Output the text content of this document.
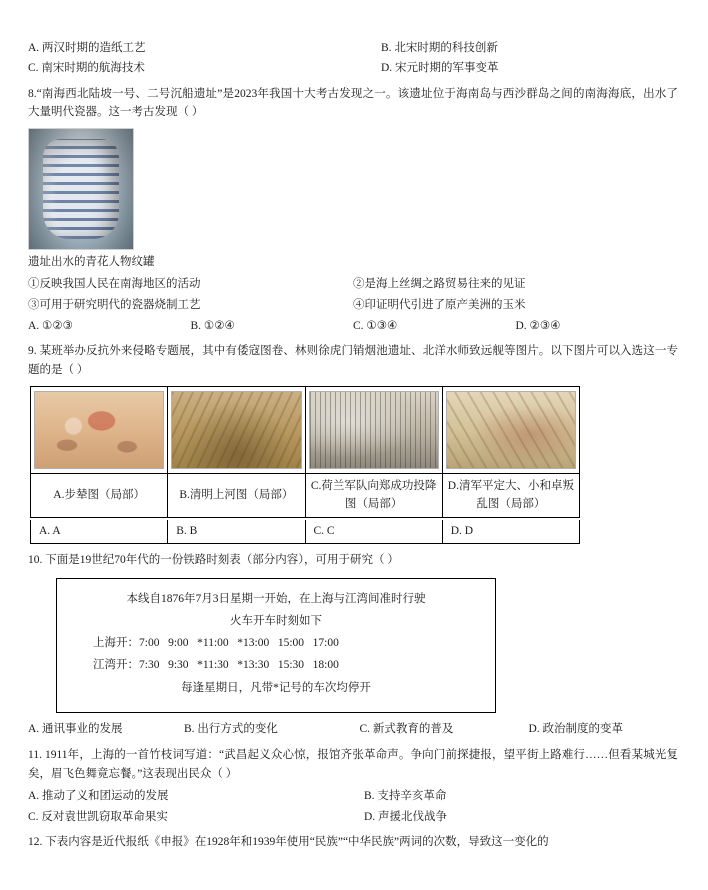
A. 两汉时期的造纸工艺	B. 北宋时期的科技创新
C. 南宋时期的航海技术	D. 宋元时期的军事变革
8.“南海西北陆坡一号、二号沉船遗址”是2023年我国十大考古发现之一。该遗址位于海南岛与西沙群岛之间的南海海底，出水了大量明代瓷器。这一考古发现（ ）
遗址出水的青花人物纹罐
①反映我国人民在南海地区的活动	②是海上丝绸之路贸易往来的见证
③可用于研究明代的瓷器烧制工艺	④印证明代引进了原产美洲的玉米
A. ①②③	B. ①②④	C. ①③④	D. ②③④
9. 某班举办反抗外来侵略专题展，其中有倭寇图卷、林则徐虎门销烟池遗址、北洋水师致远舰等图片。以下图片可以入选这一专题的是（ ）

A.步辇图（局部）	B.清明上河图（局部）	C.荷兰军队向郑成功投降图（局部）	D.清军平定大、小和卓叛乱图（局部）
A. A	B. B	C. C	D. D
10. 下面是19世纪70年代的一份铁路时刻表（部分内容），可用于研究（ ）
本线自1876年7月3日星期一开始，在上海与江湾间准时行驶
火车开车时刻如下
上海开：7:00   9:00   *11:00   *13:00   15:00   17:00
江湾开：7:30   9:30   *11:30   *13:30   15:30   18:00
每逢星期日，凡带*记号的车次均停开
A. 通讯事业的发展	B. 出行方式的变化	C. 新式教育的普及	D. 政治制度的变革
11. 1911年，上海的一首竹枝词写道：“武昌起义众心惊，报馆齐张革命声。争向门前探捷报，望平街上路难行……但看某城光复矣，眉飞色舞竟忘餐。”这表现出民众（ ）
A. 推动了义和团运动的发展	B. 支持辛亥革命
C. 反对袁世凯窃取革命果实	D. 声援北伐战争
12. 下表内容是近代报纸《申报》在1928年和1939年使用“民族”“中华民族”两词的次数，导致这一变化的
